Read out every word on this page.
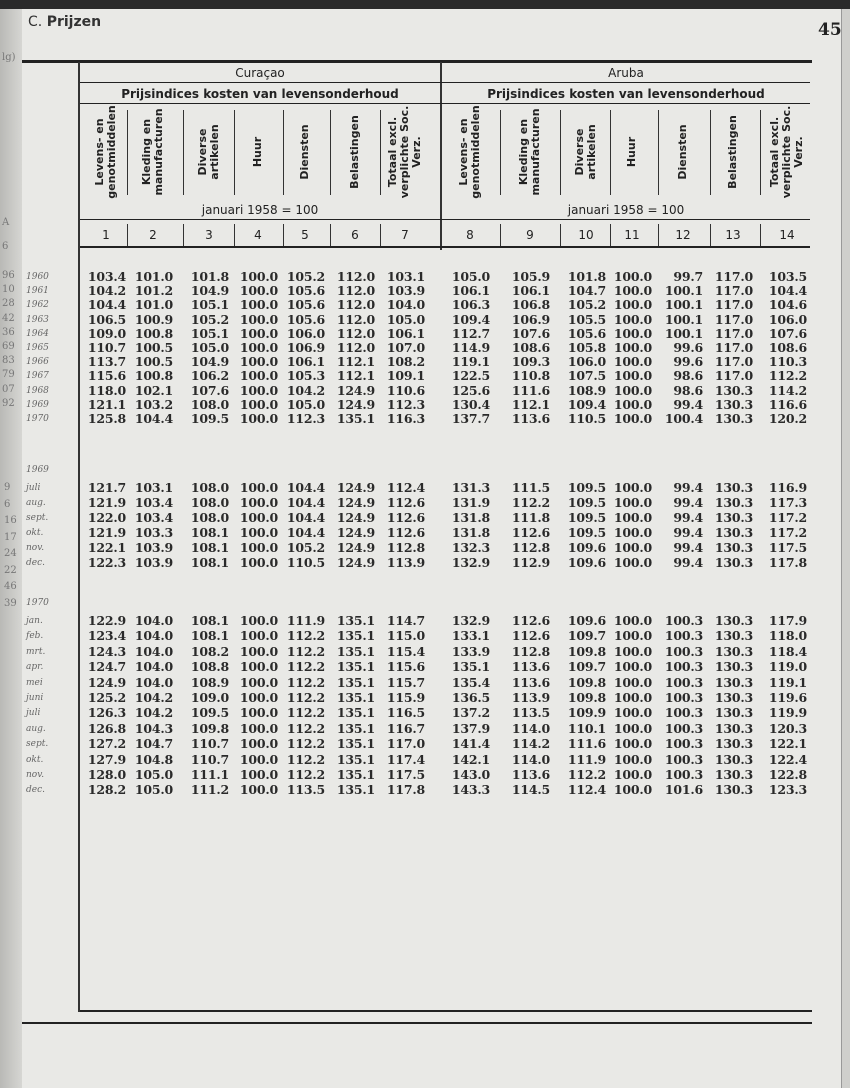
lg)
A
6
96
10
28
42
36
69
83
79
07
92
9
6
16
17
24
22
46
39
C. Prijzen	45
Curaçao	Aruba
Prijsindices kosten van levensonderhoud	Prijsindices kosten van levensonderhoud
januari 1958 = 100	januari 1958 = 100
Levens- en genotmiddelen
1
Kleding en manufacturen
2
Diverse artikelen
3
Huur
4
Diensten
5
Belastingen
6
Totaal excl. verplichte Soc. Verz.
7
Levens- en genotmiddelen
8
Kleding en manufacturen
9
Diverse artikelen
10
Huur
11
Diensten
12
Belastingen
13
Totaal excl. verplichte Soc. Verz.
14
1960	103.4 101.0	101.8 100.0 105.2 112.0 103.1	105.0	105.9	101.8 100.0	99.7 117.0	103.5
1961	104.2 101.2	104.9 100.0 105.6 112.0 103.9	106.1	106.1	104.7 100.0	100.1 117.0	104.4
1962	104.4 101.0	105.1 100.0 105.6 112.0 104.0	106.3	106.8	105.2 100.0	100.1 117.0	104.6
1963	106.5 100.9	105.2 100.0 105.6 112.0 105.0	109.4	106.9	105.5 100.0	100.1 117.0	106.0
1964	109.0 100.8	105.1 100.0 106.0 112.0 106.1	112.7	107.6	105.6 100.0	100.1 117.0	107.6
1965	110.7 100.5	105.0 100.0 106.9 112.0 107.0	114.9	108.6	105.8 100.0	99.6 117.0	108.6
1966	113.7 100.5	104.9 100.0 106.1 112.1 108.2	119.1	109.3	106.0 100.0	99.6 117.0	110.3
1967	115.6 100.8	106.2 100.0 105.3 112.1 109.1	122.5	110.8	107.5 100.0	98.6 117.0	112.2
1968	118.0 102.1	107.6 100.0 104.2 124.9 110.6	125.6	111.6	108.9 100.0	98.6 130.3	114.2
1969	121.1 103.2	108.0 100.0 105.0 124.9 112.3	130.4	112.1	109.4 100.0	99.4 130.3	116.6
1970	125.8 104.4	109.5 100.0 112.3 135.1 116.3	137.7	113.6	110.5 100.0	100.4 130.3	120.2
1969
juli	121.7 103.1	108.0 100.0 104.4 124.9 112.4	131.3	111.5	109.5 100.0	99.4 130.3	116.9
aug.	121.9 103.4	108.0 100.0 104.4 124.9 112.6	131.9	112.2	109.5 100.0	99.4 130.3	117.3
sept.	122.0 103.4	108.0 100.0 104.4 124.9 112.6	131.8	111.8	109.5 100.0	99.4 130.3	117.2
okt.	121.9 103.3	108.1 100.0 104.4 124.9 112.6	131.8	112.6	109.5 100.0	99.4 130.3	117.2
nov.	122.1 103.9	108.1 100.0 105.2 124.9 112.8	132.3	112.8	109.6 100.0	99.4 130.3	117.5
dec.	122.3 103.9	108.1 100.0 110.5 124.9 113.9	132.9	112.9	109.6 100.0	99.4 130.3	117.8
1970
jan.	122.9 104.0	108.1 100.0 111.9 135.1 114.7	132.9	112.6	109.6 100.0	100.3 130.3	117.9
feb.	123.4 104.0	108.1 100.0 112.2 135.1 115.0	133.1	112.6	109.7 100.0	100.3 130.3	118.0
mrt.	124.3 104.0	108.2 100.0 112.2 135.1 115.4	133.9	112.8	109.8 100.0	100.3 130.3	118.4
apr.	124.7 104.0	108.8 100.0 112.2 135.1 115.6	135.1	113.6	109.7 100.0	100.3 130.3	119.0
mei	124.9 104.0	108.9 100.0 112.2 135.1 115.7	135.4	113.6	109.8 100.0	100.3 130.3	119.1
juni	125.2 104.2	109.0 100.0 112.2 135.1 115.9	136.5	113.9	109.8 100.0	100.3 130.3	119.6
juli	126.3 104.2	109.5 100.0 112.2 135.1 116.5	137.2	113.5	109.9 100.0	100.3 130.3	119.9
aug.	126.8 104.3	109.8 100.0 112.2 135.1 116.7	137.9	114.0	110.1 100.0	100.3 130.3	120.3
sept.	127.2 104.7	110.7 100.0 112.2 135.1 117.0	141.4	114.2	111.6 100.0	100.3 130.3	122.1
okt.	127.9 104.8	110.7 100.0 112.2 135.1 117.4	142.1	114.0	111.9 100.0	100.3 130.3	122.4
nov.	128.0 105.0	111.1 100.0 112.2 135.1 117.5	143.0	113.6	112.2 100.0	100.3 130.3	122.8
dec.	128.2 105.0	111.2 100.0 113.5 135.1 117.8	143.3	114.5	112.4 100.0	101.6 130.3	123.3
